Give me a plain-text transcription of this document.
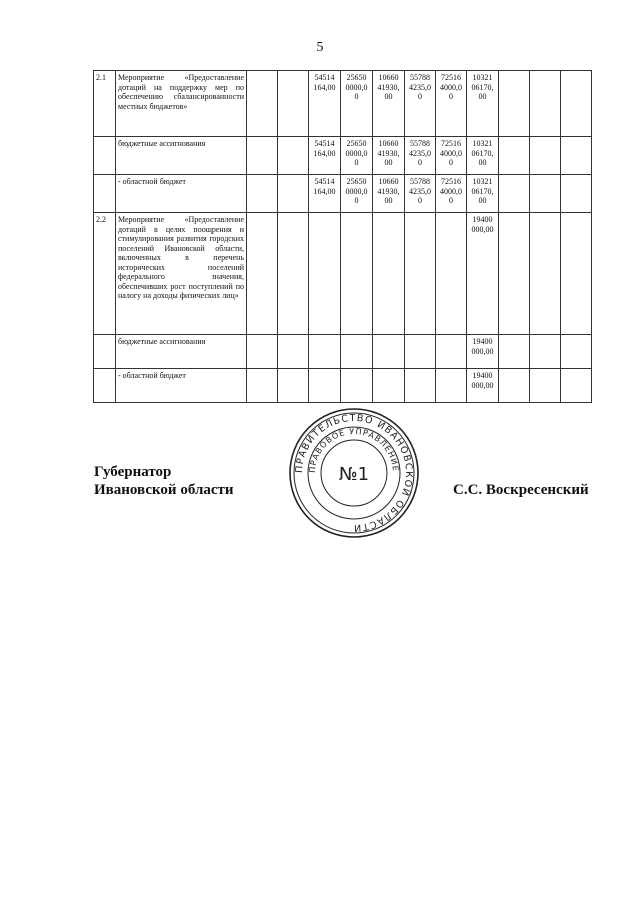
5
2.1	Мероприятие «Предоставление дотаций на поддержку мер по обеспечению сбалансированности местных бюджетов»			54514
164,00	25650
0000,0
0	10660
41930,
00	55788
4235,0
0	72516
4000,0
0	10321
06170,
00			
	бюджетные ассигнования			54514
164,00	25650
0000,0
0	10660
41930,
00	55788
4235,0
0	72516
4000,0
0	10321
06170,
00			
	- областной бюджет			54514
164,00	25650
0000,0
0	10660
41930,
00	55788
4235,0
0	72516
4000,0
0	10321
06170,
00			
2.2	Мероприятие «Предоставление дотаций в целях поощрения и стимулирования развития городских поселений Ивановской области, включенных в перечень исторических поселений федерального значения, обеспечивших рост поступлений по налогу на доходы физических лиц»								19400
000,00			
	бюджетные ассигнования								19400
000,00			
	- областной бюджет								19400
000,00			
Губернатор
Ивановской области	С.С. Воскресенский
ПРАВИТЕЛЬСТВО ИВАНОВСКОЙ ОБЛАСТИ
ПРАВОВОЕ УПРАВЛЕНИЕ
№1
